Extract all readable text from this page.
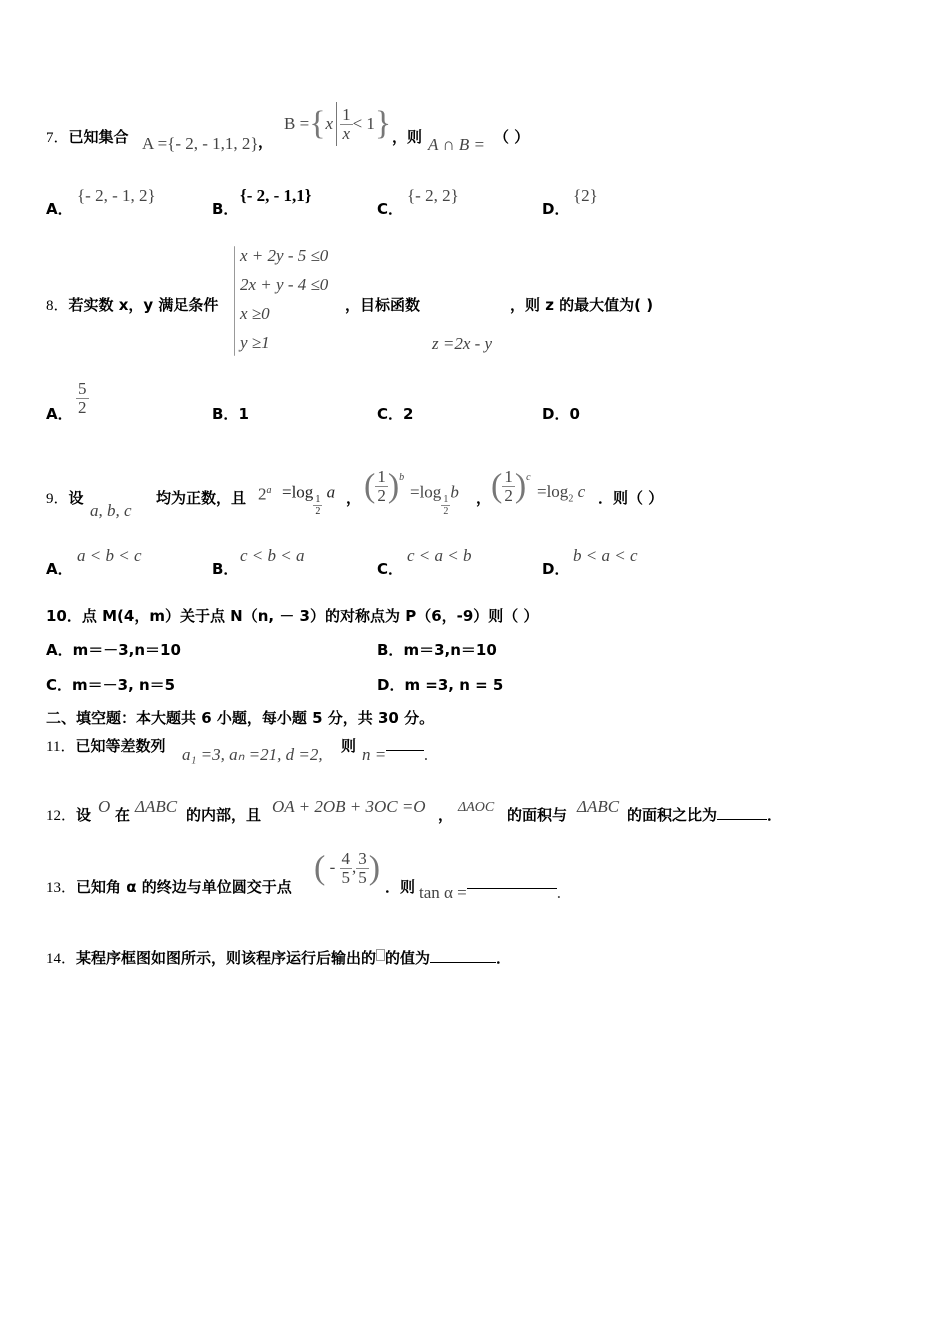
7．已知集合 A ={- 2, - 1,1, 2} ，
B = { x $\frac{1}{x} < 1$ } ，则 A ∩ B = （ ）
A．
{- 2, - 1, 2}
B．
{- 2, - 1,1}
C．
{- 2, 2}
D．
{2}
8．若实数 x，y 满足条件
x + 2y - 5 ≤0
2x + y - 4 ≤0
x ≥0
y ≥1
，目标函数
z =2x - y
，则 z 的最大值为( )
A． $\frac{5}{2}$	B．1	C．2	D．0
9．设
a, b, c
均为正数，且 $2^a =\log$
$\frac{1}{2}$
a ， ( $\frac{1}{2} )^b$
=log
$\frac{1}{2}$
b ， ( $\frac{1}{2} )^c$
$=\log_2$ c ．则（ ）
A．
a < b < c
B．
c < b < a
C．
c < a < b
D．
b < a < c
10．点 M(4，m）关于点 N（n, － 3）的对称点为 P（6，-9）则（ ）
A．m＝－3,n＝10	B．m＝3,n＝10
C．m＝－3, n＝5	D．m =3, n = 5
二、填空题：本大题共 6 小题，每小题 5 分，共 30 分。
11．已知等差数列 a₁ =3, aₙ =21, d =2, 则 n = .
12．设 O 在 ΔABC 的内部，且 OA + 2OB + 3OC =O ， ΔAOC 的面积与 ΔABC 的面积之比为	．
13．已知角 α 的终边与单位圆交于点
( - $\frac{4}{5}$ , $\frac{3}{5}$ )
．则 tan α =	.
14．某程序框图如图所示，则该程序运行后输出的 的值为	．
